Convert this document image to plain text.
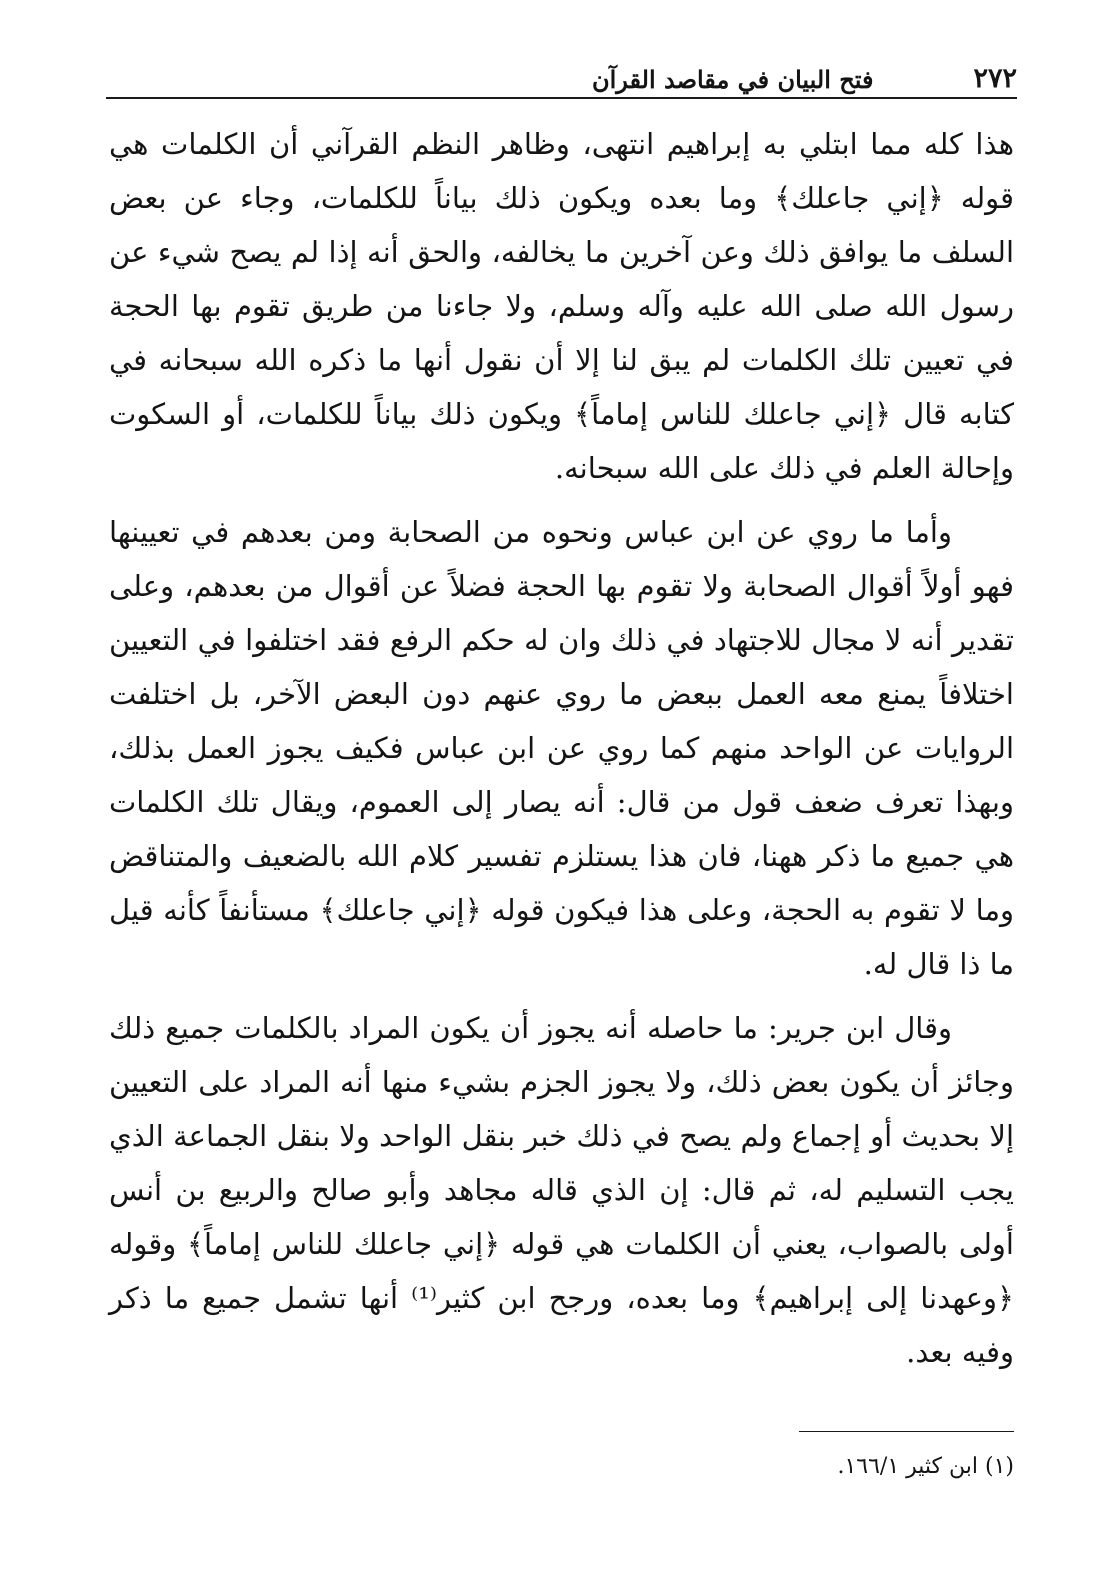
٢٧٢
فتح البيان في مقاصد القرآن

هذا كله مما ابتلي به إبراهيم انتهى، وظاهر النظم القرآني أن الكلمات هي قوله ﴿إني جاعلك﴾ وما بعده ويكون ذلك بياناً للكلمات، وجاء عن بعض السلف ما يوافق ذلك وعن آخرين ما يخالفه، والحق أنه إذا لم يصح شيء عن رسول الله صلى الله عليه وآله وسلم، ولا جاءنا من طريق تقوم بها الحجة في تعيين تلك الكلمات لم يبق لنا إلا أن نقول أنها ما ذكره الله سبحانه في كتابه قال ﴿إني جاعلك للناس إماماً﴾ ويكون ذلك بياناً للكلمات، أو السكوت وإحالة العلم في ذلك على الله سبحانه.

وأما ما روي عن ابن عباس ونحوه من الصحابة ومن بعدهم في تعيينها فهو أولاً أقوال الصحابة ولا تقوم بها الحجة فضلاً عن أقوال من بعدهم، وعلى تقدير أنه لا مجال للاجتهاد في ذلك وان له حكم الرفع فقد اختلفوا في التعيين اختلافاً يمنع معه العمل ببعض ما روي عنهم دون البعض الآخر، بل اختلفت الروايات عن الواحد منهم كما روي عن ابن عباس فكيف يجوز العمل بذلك، وبهذا تعرف ضعف قول من قال: أنه يصار إلى العموم، ويقال تلك الكلمات هي جميع ما ذكر ههنا، فان هذا يستلزم تفسير كلام الله بالضعيف والمتناقض وما لا تقوم به الحجة، وعلى هذا فيكون قوله ﴿إني جاعلك﴾ مستأنفاً كأنه قيل ما ذا قال له.

وقال ابن جرير: ما حاصله أنه يجوز أن يكون المراد بالكلمات جميع ذلك وجائز أن يكون بعض ذلك، ولا يجوز الجزم بشيء منها أنه المراد على التعيين إلا بحديث أو إجماع ولم يصح في ذلك خبر بنقل الواحد ولا بنقل الجماعة الذي يجب التسليم له، ثم قال: إن الذي قاله مجاهد وأبو صالح والربيع بن أنس أولى بالصواب، يعني أن الكلمات هي قوله ﴿إني جاعلك للناس إماماً﴾ وقوله ﴿وعهدنا إلى إبراهيم﴾ وما بعده، ورجح ابن كثير⁽¹⁾ أنها تشمل جميع ما ذكر وفيه بعد.

(١) ابن كثير ١٦٦/١.
